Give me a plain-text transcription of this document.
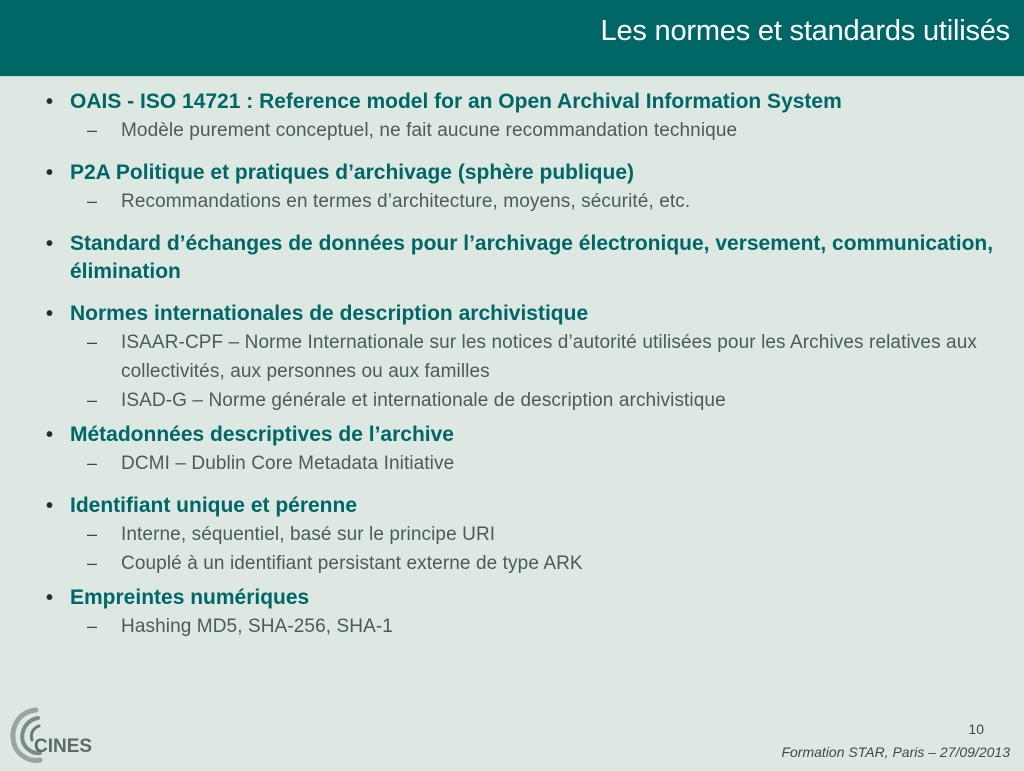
Les normes et standards utilisés
• OAIS - ISO 14721 : Reference model for an Open Archival Information System
– Modèle purement conceptuel, ne fait aucune recommandation technique
• P2A Politique et pratiques d’archivage (sphère publique)
– Recommandations en termes d’architecture, moyens, sécurité, etc.
• Standard d’échanges de données pour l’archivage électronique, versement, communication, élimination
• Normes internationales de description archivistique
– ISAAR-CPF – Norme Internationale sur les notices d’autorité utilisées pour les Archives relatives aux collectivités, aux personnes ou aux familles
– ISAD-G – Norme générale et internationale de description archivistique
• Métadonnées descriptives de l’archive
– DCMI – Dublin Core Metadata Initiative
• Identifiant unique et pérenne
– Interne, séquentiel, basé sur le principe URI
– Couplé à un identifiant persistant externe de type ARK
• Empreintes numériques
– Hashing MD5, SHA-256, SHA-1
CINES
10
Formation STAR, Paris – 27/09/2013
